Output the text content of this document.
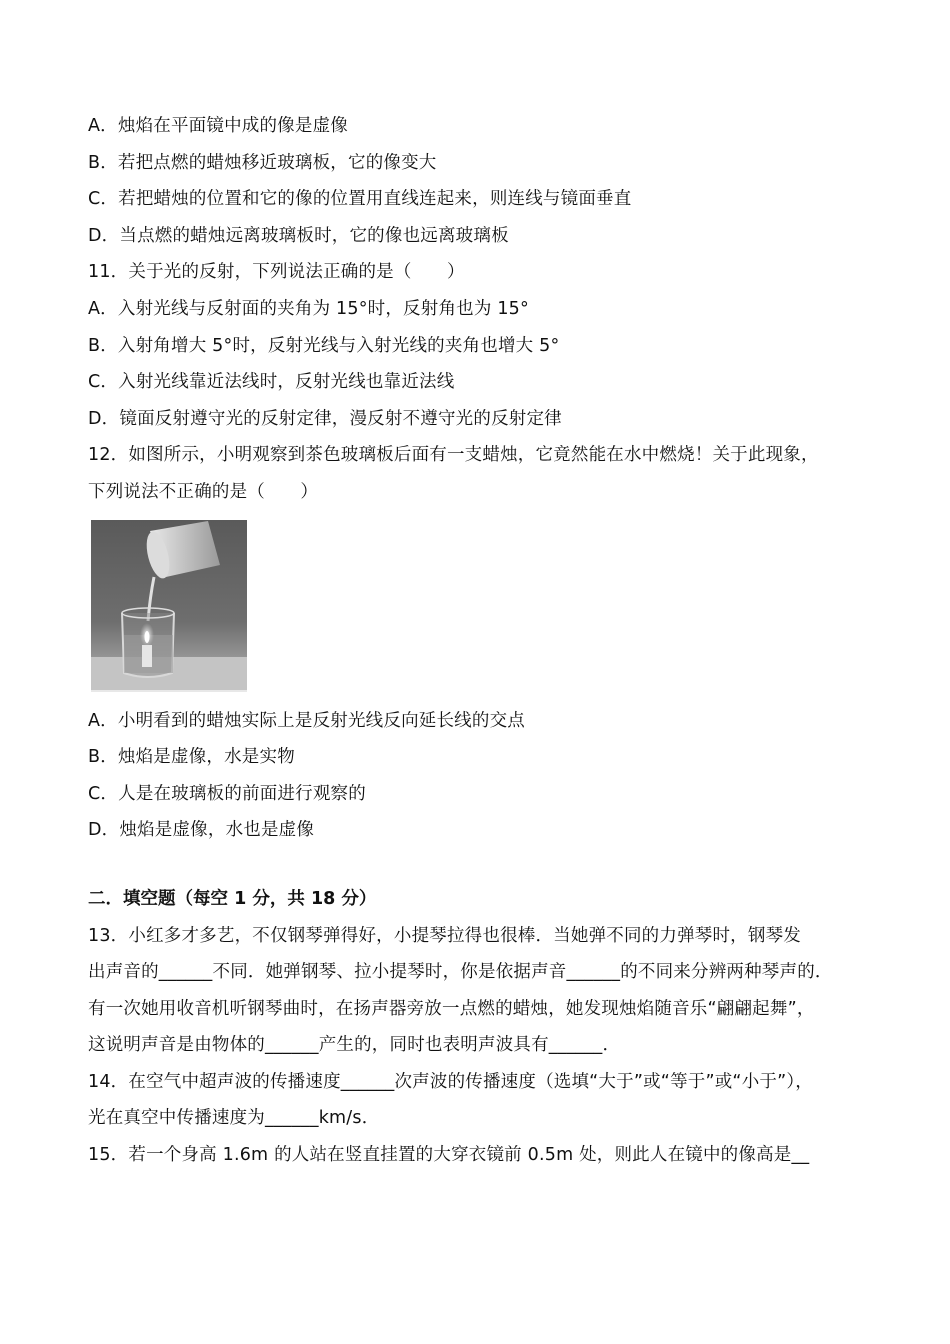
A．烛焰在平面镜中成的像是虚像
B．若把点燃的蜡烛移近玻璃板，它的像变大
C．若把蜡烛的位置和它的像的位置用直线连起来，则连线与镜面垂直
D．当点燃的蜡烛远离玻璃板时，它的像也远离玻璃板
11．关于光的反射，下列说法正确的是（　　）
A．入射光线与反射面的夹角为 15°时，反射角也为 15°
B．入射角增大 5°时，反射光线与入射光线的夹角也增大 5°
C．入射光线靠近法线时，反射光线也靠近法线
D．镜面反射遵守光的反射定律，漫反射不遵守光的反射定律
12．如图所示，小明观察到茶色玻璃板后面有一支蜡烛，它竟然能在水中燃烧！关于此现象，
下列说法不正确的是（　　）
A．小明看到的蜡烛实际上是反射光线反向延长线的交点
B．烛焰是虚像，水是实物
C．人是在玻璃板的前面进行观察的
D．烛焰是虚像，水也是虚像
二．填空题（每空 1 分，共 18 分）
13．小红多才多艺，不仅钢琴弹得好，小提琴拉得也很棒．当她弹不同的力弹琴时，钢琴发
出声音的______不同．她弹钢琴、拉小提琴时，你是依据声音______的不同来分辨两种琴声的．
有一次她用收音机听钢琴曲时，在扬声器旁放一点燃的蜡烛，她发现烛焰随音乐“翩翩起舞”，
这说明声音是由物体的______产生的，同时也表明声波具有______．
14．在空气中超声波的传播速度______次声波的传播速度（选填“大于”或“等于”或“小于”），
光在真空中传播速度为______km/s．
15．若一个身高 1.6m 的人站在竖直挂置的大穿衣镜前 0.5m 处，则此人在镜中的像高是__
